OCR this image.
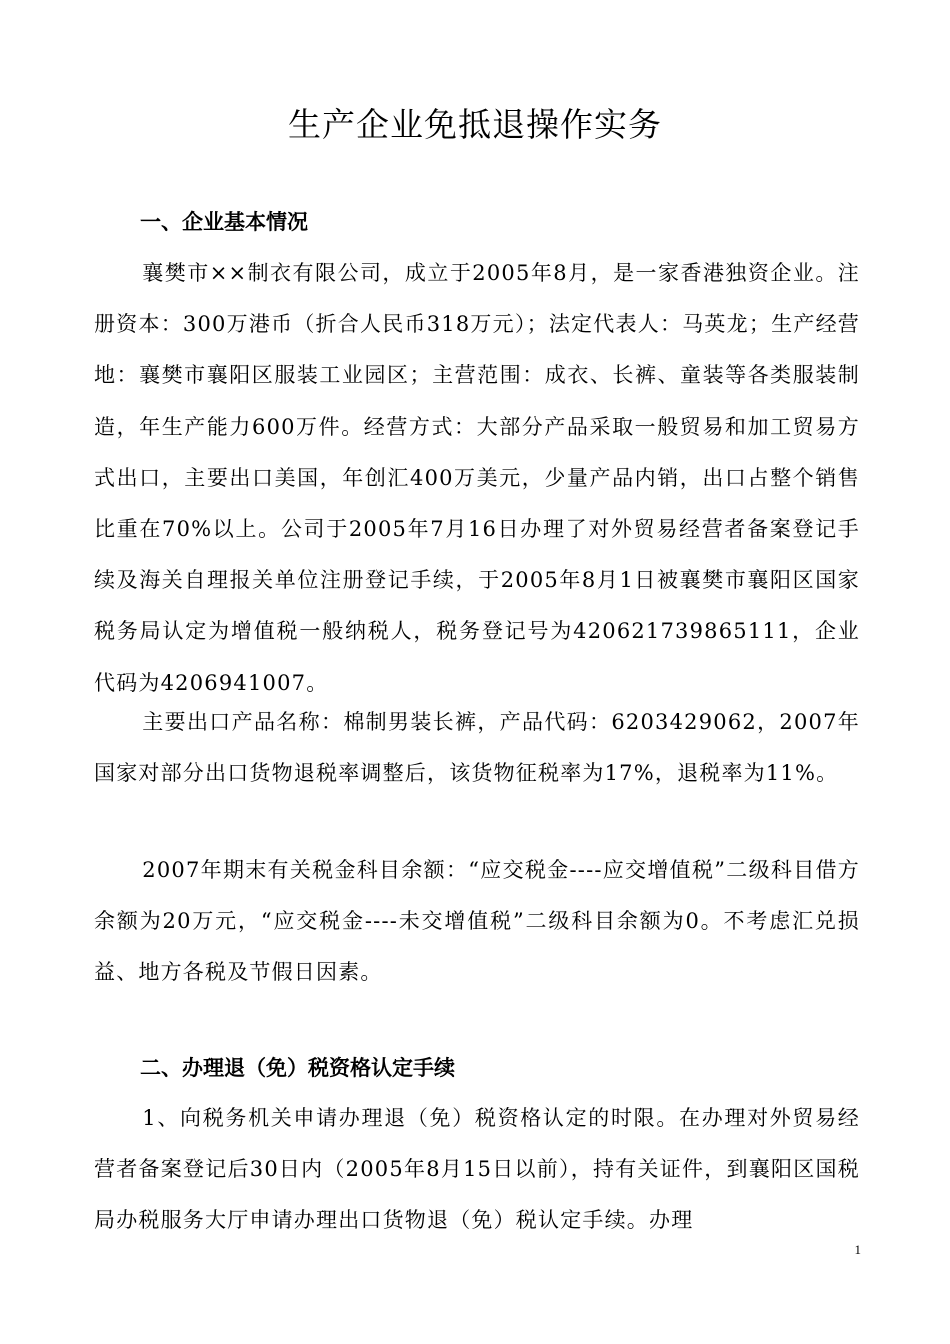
生产企业免抵退操作实务
一、企业基本情况
襄樊市××制衣有限公司，成立于2005年8月，是一家香港独资企业。注册资本：300万港币（折合人民币318万元）；法定代表人：马英龙；生产经营地：襄樊市襄阳区服装工业园区；主营范围：成衣、长裤、童装等各类服装制造，年生产能力600万件。经营方式：大部分产品采取一般贸易和加工贸易方式出口，主要出口美国，年创汇400万美元，少量产品内销，出口占整个销售比重在70%以上。公司于2005年7月16日办理了对外贸易经营者备案登记手续及海关自理报关单位注册登记手续，于2005年8月1日被襄樊市襄阳区国家税务局认定为增值税一般纳税人，税务登记号为420621739865111，企业代码为4206941007。
主要出口产品名称：棉制男装长裤，产品代码：6203429062，2007年国家对部分出口货物退税率调整后，该货物征税率为17%，退税率为11%。
2007年期末有关税金科目余额：“应交税金----应交增值税”二级科目借方余额为20万元，“应交税金----未交增值税”二级科目余额为0。不考虑汇兑损益、地方各税及节假日因素。
二、办理退（免）税资格认定手续
1、向税务机关申请办理退（免）税资格认定的时限。在办理对外贸易经营者备案登记后30日内（2005年8月15日以前），持有关证件，到襄阳区国税局办税服务大厅申请办理出口货物退（免）税认定手续。办理
1
